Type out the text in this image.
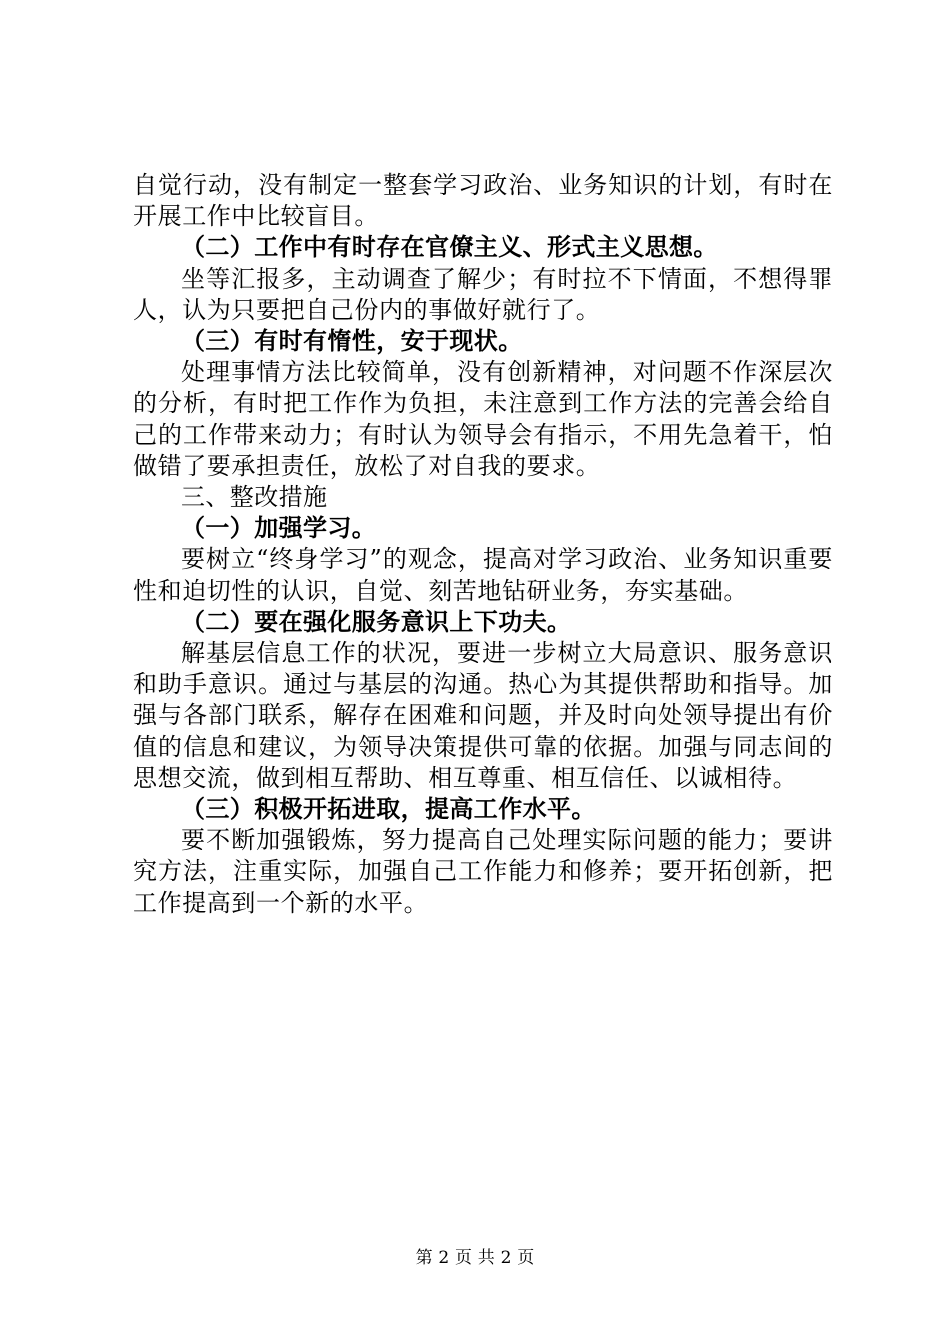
自觉行动，没有制定一整套学习政治、业务知识的计划，有时在开展工作中比较盲目。

（二）工作中有时存在官僚主义、形式主义思想。

坐等汇报多，主动调查了解少；有时拉不下情面，不想得罪人，认为只要把自己份内的事做好就行了。

（三）有时有惰性，安于现状。

处理事情方法比较简单，没有创新精神，对问题不作深层次的分析，有时把工作作为负担，未注意到工作方法的完善会给自己的工作带来动力；有时认为领导会有指示，不用先急着干，怕做错了要承担责任，放松了对自我的要求。

三、整改措施

（一）加强学习。

要树立“终身学习”的观念，提高对学习政治、业务知识重要性和迫切性的认识，自觉、刻苦地钻研业务，夯实基础。

（二）要在强化服务意识上下功夫。

解基层信息工作的状况，要进一步树立大局意识、服务意识和助手意识。通过与基层的沟通。热心为其提供帮助和指导。加强与各部门联系，解存在困难和问题，并及时向处领导提出有价值的信息和建议，为领导决策提供可靠的依据。加强与同志间的思想交流，做到相互帮助、相互尊重、相互信任、以诚相待。

（三）积极开拓进取，提高工作水平。

要不断加强锻炼，努力提高自己处理实际问题的能力；要讲究方法，注重实际，加强自己工作能力和修养；要开拓创新，把工作提高到一个新的水平。

第 2 页 共 2 页
